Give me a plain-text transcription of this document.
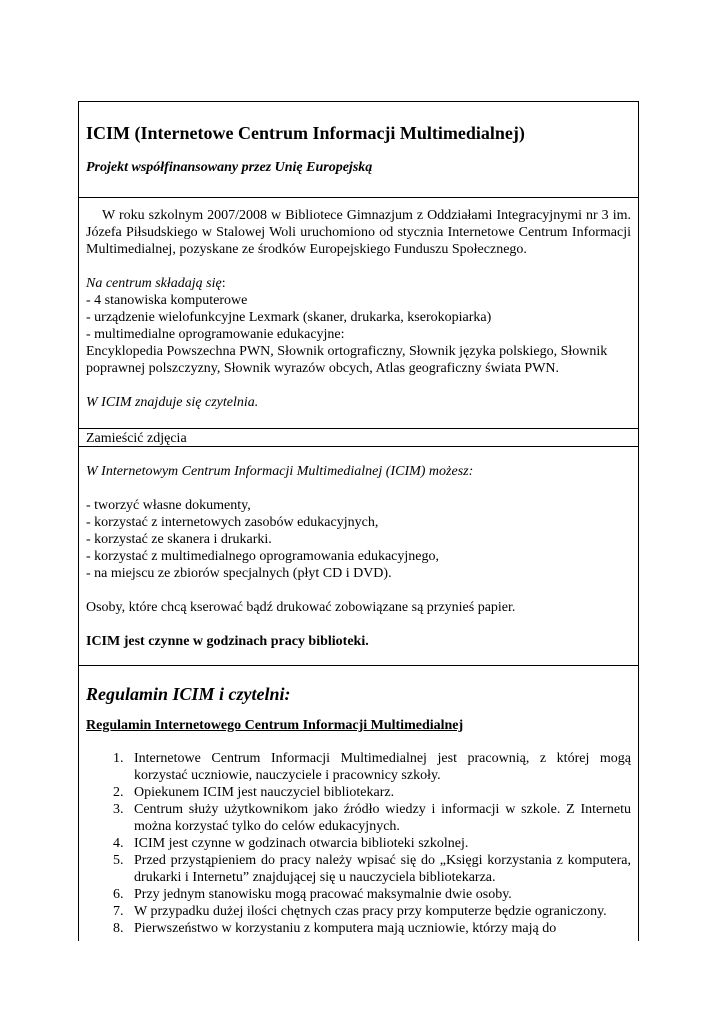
ICIM (Internetowe Centrum Informacji Multimedialnej)

Projekt współfinansowany przez Unię Europejską

W roku szkolnym 2007/2008 w Bibliotece Gimnazjum z Oddziałami Integracyjnymi nr 3 im. Józefa Piłsudskiego w Stalowej Woli uruchomiono od stycznia Internetowe Centrum Informacji Multimedialnej, pozyskane ze środków Europejskiego Funduszu Społecznego.

Na centrum składają się:

- 4 stanowiska komputerowe

- urządzenie wielofunkcyjne Lexmark (skaner, drukarka, kserokopiarka)

- multimedialne oprogramowanie edukacyjne:

Encyklopedia Powszechna PWN, Słownik ortograficzny, Słownik języka polskiego, Słownik poprawnej polszczyzny, Słownik wyrazów obcych, Atlas geograficzny świata PWN.

W ICIM znajduje się czytelnia.

Zamieścić zdjęcia

W Internetowym Centrum Informacji Multimedialnej (ICIM) możesz:

- tworzyć własne dokumenty,

- korzystać z internetowych zasobów edukacyjnych,

- korzystać ze skanera i drukarki.

- korzystać z multimedialnego oprogramowania edukacyjnego,

- na miejscu ze zbiorów specjalnych (płyt CD i DVD).

Osoby, które chcą kserować bądź drukować zobowiązane są przynieś papier.

ICIM jest czynne w godzinach pracy biblioteki.

Regulamin ICIM i czytelni:

Regulamin Internetowego Centrum Informacji Multimedialnej

1. Internetowe Centrum Informacji Multimedialnej jest pracownią, z której mogą korzystać uczniowie, nauczyciele i pracownicy szkoły.
2. Opiekunem ICIM jest nauczyciel bibliotekarz.
3. Centrum służy użytkownikom jako źródło wiedzy i informacji w szkole. Z Internetu można korzystać tylko do celów edukacyjnych.
4. ICIM jest czynne w godzinach otwarcia biblioteki szkolnej.
5. Przed przystąpieniem do pracy należy wpisać się do „Księgi korzystania z komputera, drukarki i Internetu” znajdującej się u nauczyciela bibliotekarza.
6. Przy jednym stanowisku mogą pracować maksymalnie dwie osoby.
7. W przypadku dużej ilości chętnych czas pracy przy komputerze będzie ograniczony.
8. Pierwszeństwo w korzystaniu z komputera mają uczniowie, którzy mają do
